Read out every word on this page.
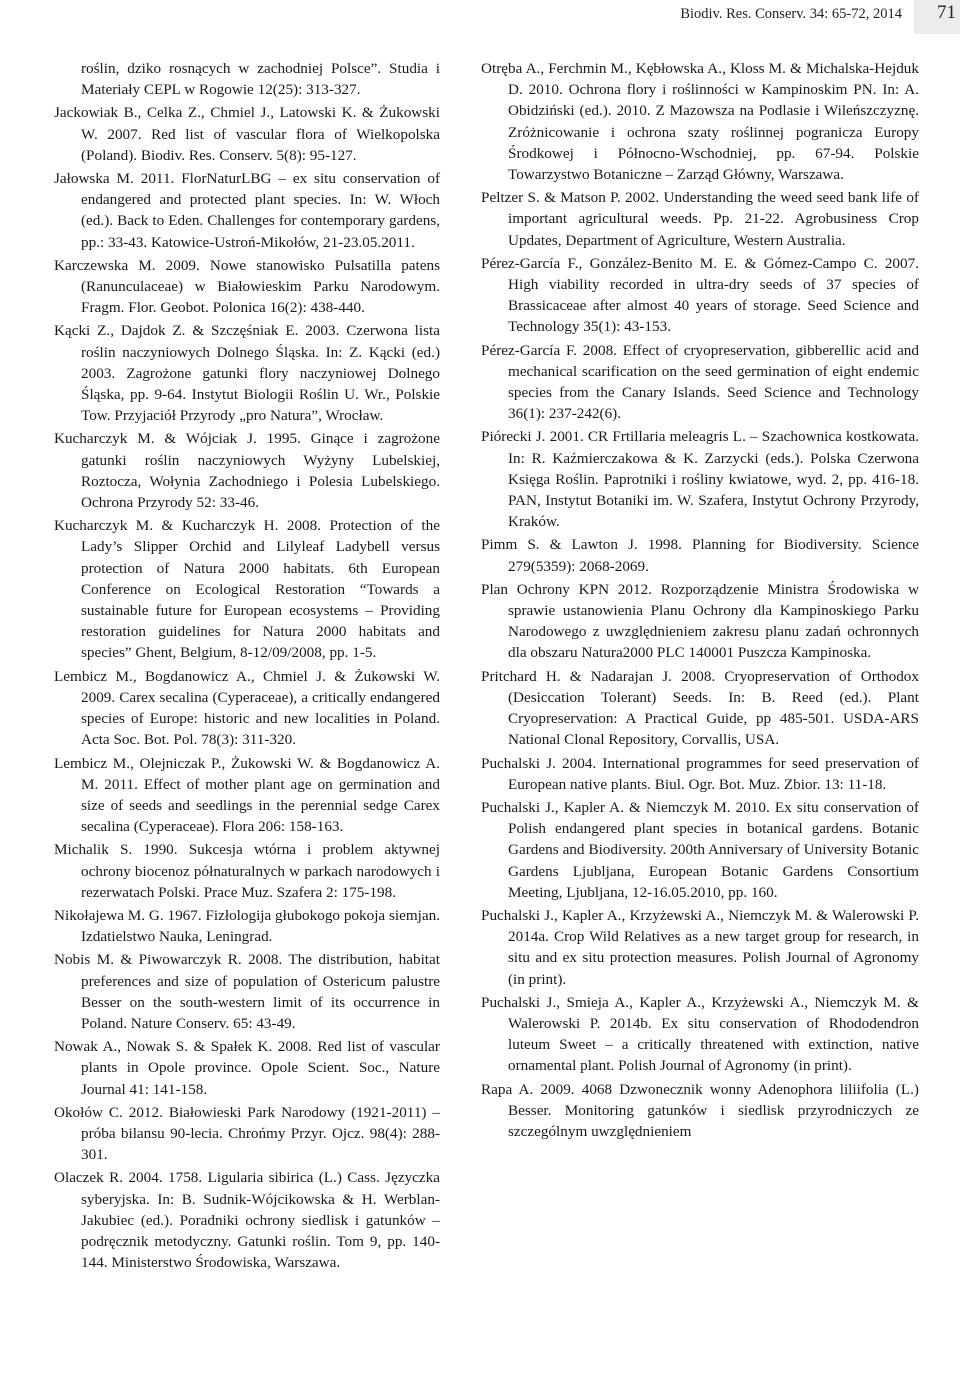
Biodiv. Res. Conserv. 34: 65-72, 2014 71

roślin, dziko rosnących w zachodniej Polsce”. Studia i Materiały CEPL w Rogowie 12(25): 313-327.

Jackowiak B., Celka Z., Chmiel J., Latowski K. & Żukowski W. 2007. Red list of vascular flora of Wielkopolska (Poland). Biodiv. Res. Conserv. 5(8): 95-127.

Jałowska M. 2011. FlorNaturLBG – ex situ conservation of endangered and protected plant species. In: W. Włoch (ed.). Back to Eden. Challenges for contemporary gardens, pp.: 33-43. Katowice-Ustroń-Mikołów, 21-23.05.2011.

Karczewska M. 2009. Nowe stanowisko Pulsatilla patens (Ranunculaceae) w Białowieskim Parku Narodowym. Fragm. Flor. Geobot. Polonica 16(2): 438-440.

Kącki Z., Dajdok Z. & Szczęśniak E. 2003. Czerwona lista roślin naczyniowych Dolnego Śląska. In: Z. Kącki (ed.) 2003. Zagrożone gatunki flory naczyniowej Dolnego Śląska, pp. 9-64. Instytut Biologii Roślin U. Wr., Polskie Tow. Przyjaciół Przyrody „pro Natura”, Wrocław.

Kucharczyk M. & Wójciak J. 1995. Ginące i zagrożone gatunki roślin naczyniowych Wyżyny Lubelskiej, Roztocza, Wołynia Zachodniego i Polesia Lubelskiego. Ochrona Przyrody 52: 33-46.

Kucharczyk M. & Kucharczyk H. 2008. Protection of the Lady’s Slipper Orchid and Lilyleaf Ladybell versus protection of Natura 2000 habitats. 6th European Conference on Ecological Restoration “Towards a sustainable future for European ecosystems – Providing restoration guidelines for Natura 2000 habitats and species” Ghent, Belgium, 8-12/09/2008, pp. 1-5.

Lembicz M., Bogdanowicz A., Chmiel J. & Żukowski W. 2009. Carex secalina (Cyperaceae), a critically endangered species of Europe: historic and new localities in Poland. Acta Soc. Bot. Pol. 78(3): 311-320.

Lembicz M., Olejniczak P., Żukowski W. & Bogdanowicz A. M. 2011. Effect of mother plant age on germination and size of seeds and seedlings in the perennial sedge Carex secalina (Cyperaceae). Flora 206: 158-163.

Michalik S. 1990. Sukcesja wtórna i problem aktywnej ochrony biocenoz półnaturalnych w parkach narodowych i rezerwatach Polski. Prace Muz. Szafera 2: 175-198.

Nikołajewa M. G. 1967. Fizłologija głubokogo pokoja siemjan. Izdatielstwo Nauka, Leningrad.

Nobis M. & Piwowarczyk R. 2008. The distribution, habitat preferences and size of population of Ostericum palustre Besser on the south-western limit of its occurrence in Poland. Nature Conserv. 65: 43-49.

Nowak A., Nowak S. & Spałek K. 2008. Red list of vascular plants in Opole province. Opole Scient. Soc., Nature Journal 41: 141-158.

Okołów C. 2012. Białowieski Park Narodowy (1921-2011) – próba bilansu 90-lecia. Chrońmy Przyr. Ojcz. 98(4): 288-301.

Olaczek R. 2004. 1758. Ligularia sibirica (L.) Cass. Języczka syberyjska. In: B. Sudnik-Wójcikowska & H. Werblan-Jakubiec (ed.). Poradniki ochrony siedlisk i gatunków – podręcznik metodyczny. Gatunki roślin. Tom 9, pp. 140-144. Ministerstwo Środowiska, Warszawa.

Otręba A., Ferchmin M., Kębłowska A., Kloss M. & Michalska-Hejduk D. 2010. Ochrona flory i roślinności w Kampinoskim PN. In: A. Obidziński (ed.). 2010. Z Mazowsza na Podlasie i Wileńszczyznę. Zróżnicowanie i ochrona szaty roślinnej pogranicza Europy Środkowej i Północno-Wschodniej, pp. 67-94. Polskie Towarzystwo Botaniczne – Zarząd Główny, Warszawa.

Peltzer S. & Matson P. 2002. Understanding the weed seed bank life of important agricultural weeds. Pp. 21-22. Agrobusiness Crop Updates, Department of Agriculture, Western Australia.

Pérez-García F., González-Benito M. E. & Gómez-Campo C. 2007. High viability recorded in ultra-dry seeds of 37 species of Brassicaceae after almost 40 years of storage. Seed Science and Technology 35(1): 43-153.

Pérez-García F. 2008. Effect of cryopreservation, gibberellic acid and mechanical scarification on the seed germination of eight endemic species from the Canary Islands. Seed Science and Technology 36(1): 237-242(6).

Piórecki J. 2001. CR Frtillaria meleagris L. – Szachownica kostkowata. In: R. Kaźmierczakowa & K. Zarzycki (eds.). Polska Czerwona Księga Roślin. Paprotniki i rośliny kwiatowe, wyd. 2, pp. 416-18. PAN, Instytut Botaniki im. W. Szafera, Instytut Ochrony Przyrody, Kraków.

Pimm S. & Lawton J. 1998. Planning for Biodiversity. Science 279(5359): 2068-2069.

Plan Ochrony KPN 2012. Rozporządzenie Ministra Środowiska w sprawie ustanowienia Planu Ochrony dla Kampinoskiego Parku Narodowego z uwzględnieniem zakresu planu zadań ochronnych dla obszaru Natura2000 PLC 140001 Puszcza Kampinoska.

Pritchard H. & Nadarajan J. 2008. Cryopreservation of Orthodox (Desiccation Tolerant) Seeds. In: B. Reed (ed.). Plant Cryopreservation: A Practical Guide, pp 485-501. USDA-ARS National Clonal Repository, Corvallis, USA.

Puchalski J. 2004. International programmes for seed preservation of European native plants. Biul. Ogr. Bot. Muz. Zbior. 13: 11-18.

Puchalski J., Kapler A. & Niemczyk M. 2010. Ex situ conservation of Polish endangered plant species in botanical gardens. Botanic Gardens and Biodiversity. 200th Anniversary of University Botanic Gardens Ljubljana, European Botanic Gardens Consortium Meeting, Ljubljana, 12-16.05.2010, pp. 160.

Puchalski J., Kapler A., Krzyżewski A., Niemczyk M. & Walerowski P. 2014a. Crop Wild Relatives as a new target group for research, in situ and ex situ protection measures. Polish Journal of Agronomy (in print).

Puchalski J., Smieja A., Kapler A., Krzyżewski A., Niemczyk M. & Walerowski P. 2014b. Ex situ conservation of Rhododendron luteum Sweet – a critically threatened with extinction, native ornamental plant. Polish Journal of Agronomy (in print).

Rapa A. 2009. 4068 Dzwonecznik wonny Adenophora liliifolia (L.) Besser. Monitoring gatunków i siedlisk przyrodniczych ze szczególnym uwzględnieniem
